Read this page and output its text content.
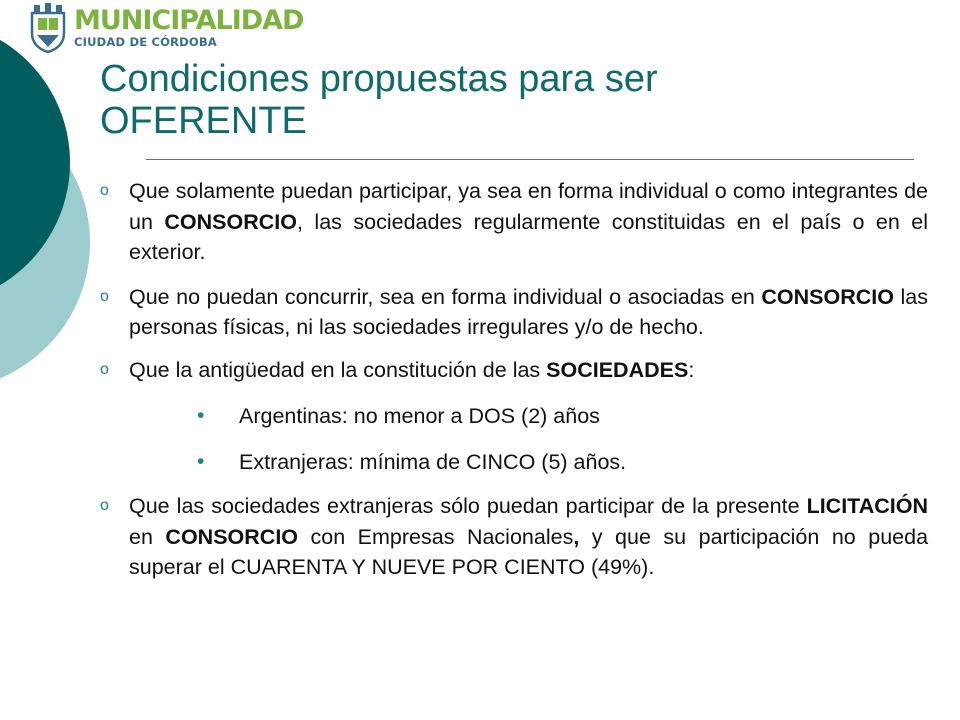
MUNICIPALIDAD
CIUDAD DE CÓRDOBA
Condiciones propuestas para ser
OFERENTE
o Que solamente puedan participar, ya sea en forma individual o como integrantes de un CONSORCIO, las sociedades regularmente constituidas en el país o en el exterior.

o Que no puedan concurrir, sea en forma individual o asociadas en CONSORCIO las personas físicas, ni las sociedades irregulares y/o de hecho.

o Que la antigüedad en la constitución de las SOCIEDADES:

• Argentinas: no menor a DOS (2) años
• Extranjeras: mínima de CINCO (5) años.
o Que las sociedades extranjeras sólo puedan participar de la presente LICITACIÓN en CONSORCIO con Empresas Nacionales, y que su participación no pueda superar el CUARENTA Y NUEVE POR CIENTO (49%).
